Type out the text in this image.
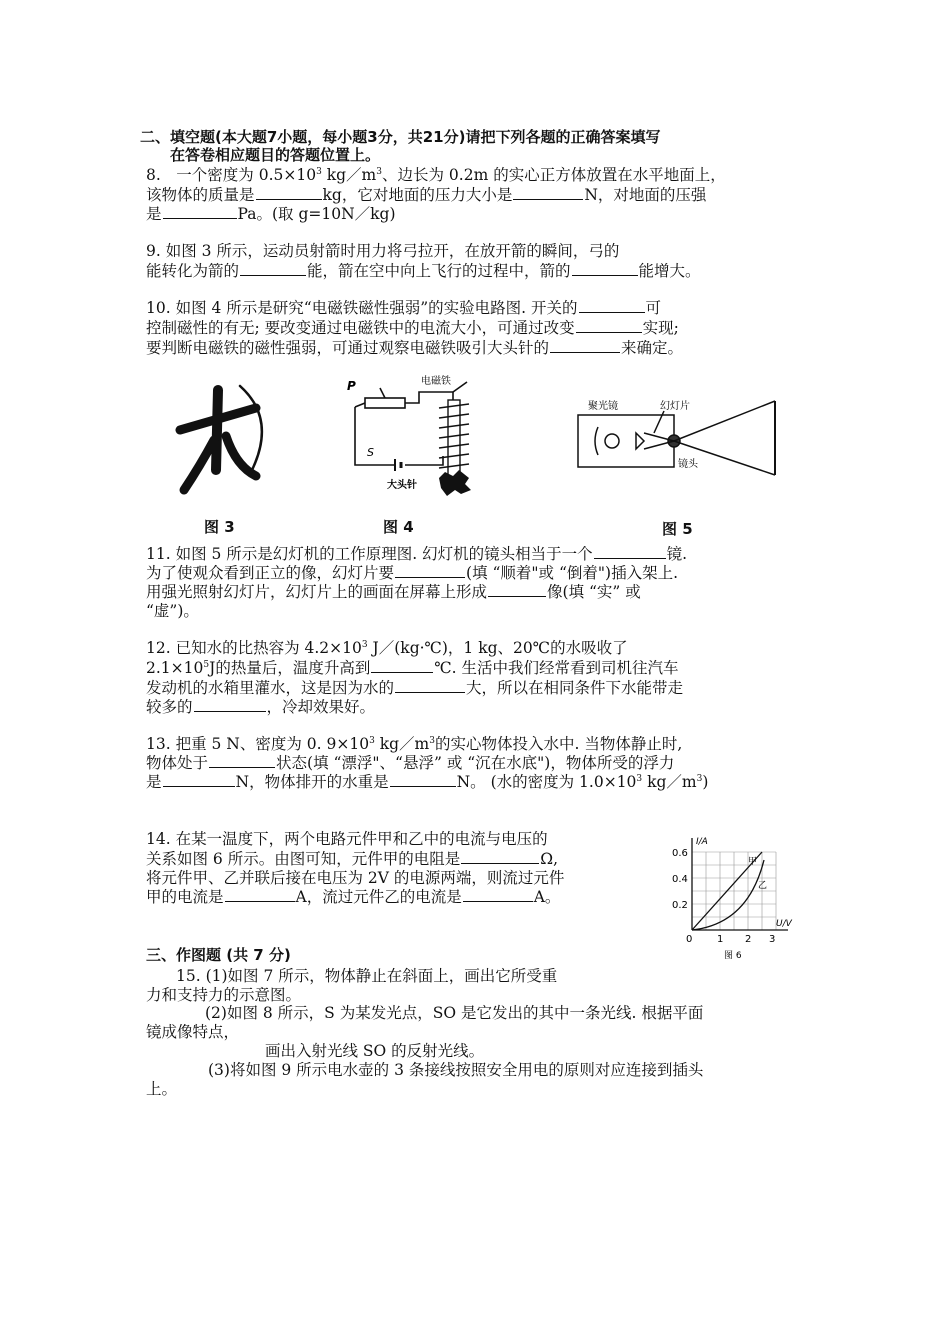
二、填空题(本大题7小题，每小题3分，共21分)请把下列各题的正确答案填写
在答卷相应题目的答题位置上。
8.　一个密度为 $0.5\times 10^3$ $kg/m^3$、边长为 0.2m 的实心正方体放置在水平地面上，
该物体的质量是	kg，它对地面的压力大小是	N，对地面的压强
是	Pa。(取 g=10N／kg)
9. 如图 3 所示，运动员射箭时用力将弓拉开，在放开箭的瞬间，弓的
能转化为箭的	能，箭在空中向上飞行的过程中，箭的	能增大。
10. 如图 4 所示是研究“电磁铁磁性强弱”的实验电路图. 开关的	可
控制磁性的有无; 要改变通过电磁铁中的电流大小，可通过改变	实现;
要判断电磁铁的磁性强弱，可通过观察电磁铁吸引大头针的	来确定。
P	电磁铁
S
大头针
聚光镜	幻灯片
镜头
图 3	图 4	图 5
11. 如图 5 所示是幻灯机的工作原理图. 幻灯机的镜头相当于一个	镜.
为了使观众看到正立的像，幻灯片要	(填 “顺着"或 “倒着")插入架上.
用强光照射幻灯片，幻灯片上的画面在屏幕上形成	像(填 “实” 或
“虚”)。
12. 已知水的比热容为 $4.2\times 10^3$ J／(kg·℃)，1 kg、20℃的水吸收了
$2.1\times 10^5J$的热量后，温度升高到	℃. 生活中我们经常看到司机往汽车
发动机的水箱里灌水，这是因为水的	大，所以在相同条件下水能带走
较多的	，冷却效果好。
13. 把重 5 N、密度为 0. $9\times 10^3$ $kg/m^3$的实心物体投入水中. 当物体静止时,
物体处于	状态(填 “漂浮"、“悬浮” 或 “沉在水底")，物体所受的浮力
是	N，物体排开的水重是	N。 (水的密度为 $1.0\times 10^3$ $kg/m^3$)
14. 在某一温度下，两个电路元件甲和乙中的电流与电压的
关系如图 6 所示。由图可知，元件甲的电阻是	Ω,
将元件甲、乙并联后接在电压为 2V 的电源两端，则流过元件
甲的电流是	A，流过元件乙的电流是	A。
I/A
U/V
0.6
0.4
0.2
0 1 2 3
甲
乙
图 6
三、作图题 (共 7 分)
15. (1)如图 7 所示，物体静止在斜面上，画出它所受重
力和支持力的示意图。
(2)如图 8 所示，S 为某发光点，SO 是它发出的其中一条光线. 根据平面
镜成像特点，
画出入射光线 SO 的反射光线。
(3)将如图 9 所示电水壶的 3 条接线按照安全用电的原则对应连接到插头
上。
